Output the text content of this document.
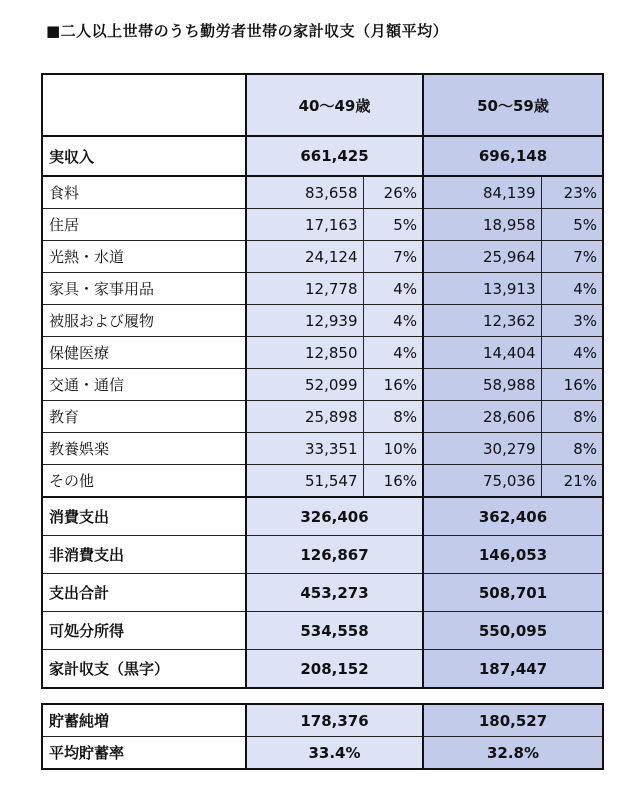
■二人以上世帯のうち勤労者世帯の家計収支（月額平均）
	40～49歳		50～59歳	
実収入	661,425		696,148	
食料	83,658	26%	84,139	23%
住居	17,163	5%	18,958	5%
光熱・水道	24,124	7%	25,964	7%
家具・家事用品	12,778	4%	13,913	4%
被服および履物	12,939	4%	12,362	3%
保健医療	12,850	4%	14,404	4%
交通・通信	52,099	16%	58,988	16%
教育	25,898	8%	28,606	8%
教養娯楽	33,351	10%	30,279	8%
その他	51,547	16%	75,036	21%
消費支出	326,406		362,406	
非消費支出	126,867		146,053	
支出合計	453,273		508,701	
可処分所得	534,558		550,095	
家計収支（黒字）	208,152		187,447	
貯蓄純増	178,376	180,527
平均貯蓄率	33.4%	32.8%
